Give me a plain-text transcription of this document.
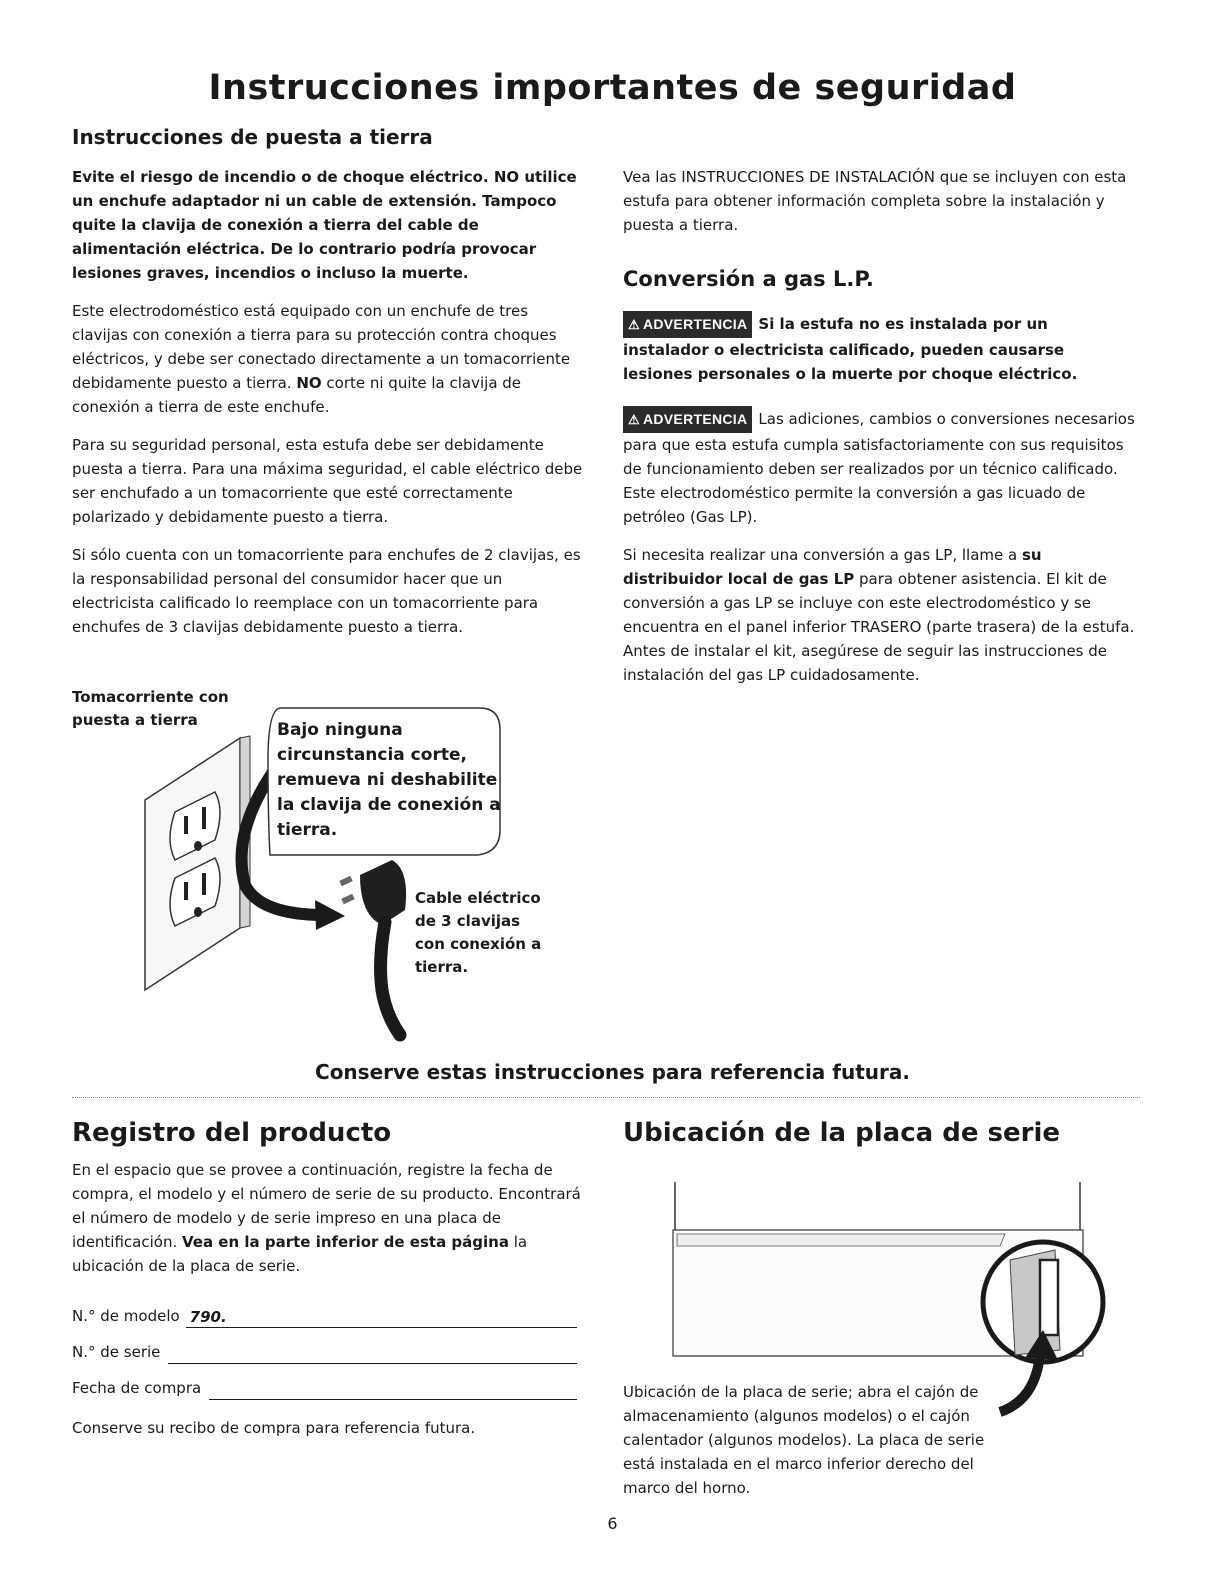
Instrucciones importantes de seguridad
Instrucciones de puesta a tierra

Evite el riesgo de incendio o de choque eléctrico. NO utilice un enchufe adaptador ni un cable de extensión. Tampoco quite la clavija de conexión a tierra del cable de alimentación eléctrica. De lo contrario podría provocar lesiones graves, incendios o incluso la muerte.

Este electrodoméstico está equipado con un enchufe de tres clavijas con conexión a tierra para su protección contra choques eléctricos, y debe ser conectado directamente a un tomacorriente debidamente puesto a tierra. NO corte ni quite la clavija de conexión a tierra de este enchufe.

Para su seguridad personal, esta estufa debe ser debidamente puesta a tierra. Para una máxima seguridad, el cable eléctrico debe ser enchufado a un tomacorriente que esté correctamente polarizado y debidamente puesto a tierra.

Si sólo cuenta con un tomacorriente para enchufes de 2 clavijas, es la responsabilidad personal del consumidor hacer que un electricista calificado lo reemplace con un tomacorriente para enchufes de 3 clavijas debidamente puesto a tierra.

Tomacorriente con puesta a tierra	Bajo ninguna circunstancia corte, remueva ni deshabilite la clavija de conexión a tierra.
Cable eléctrico de 3 clavijas con conexión a tierra.

Vea las INSTRUCCIONES DE INSTALACIÓN que se incluyen con esta estufa para obtener información completa sobre la instalación y puesta a tierra.

Conversión a gas L.P.

⚠ ADVERTENCIA Si la estufa no es instalada por un instalador o electricista calificado, pueden causarse lesiones personales o la muerte por choque eléctrico.

⚠ ADVERTENCIA Las adiciones, cambios o conversiones necesarios para que esta estufa cumpla satisfactoriamente con sus requisitos de funcionamiento deben ser realizados por un técnico calificado.

Este electrodoméstico permite la conversión a gas licuado de petróleo (Gas LP).

Si necesita realizar una conversión a gas LP, llame a su distribuidor local de gas LP para obtener asistencia. El kit de conversión a gas LP se incluye con este electrodoméstico y se encuentra en el panel inferior TRASERO (parte trasera) de la estufa. Antes de instalar el kit, asegúrese de seguir las instrucciones de instalación del gas LP cuidadosamente.

Conserve estas instrucciones para referencia futura.
Registro del producto

En el espacio que se provee a continuación, registre la fecha de compra, el modelo y el número de serie de su producto. Encontrará el número de modelo y de serie impreso en una placa de identificación. Vea en la parte inferior de esta página la ubicación de la placa de serie.

N.° de modelo 790.
N.° de serie
Fecha de compra

Conserve su recibo de compra para referencia futura.

Ubicación de la placa de serie
Ubicación de la placa de serie; abra el cajón de almacenamiento (algunos modelos) o el cajón calentador (algunos modelos). La placa de serie está instalada en el marco inferior derecho del marco del horno.
6
